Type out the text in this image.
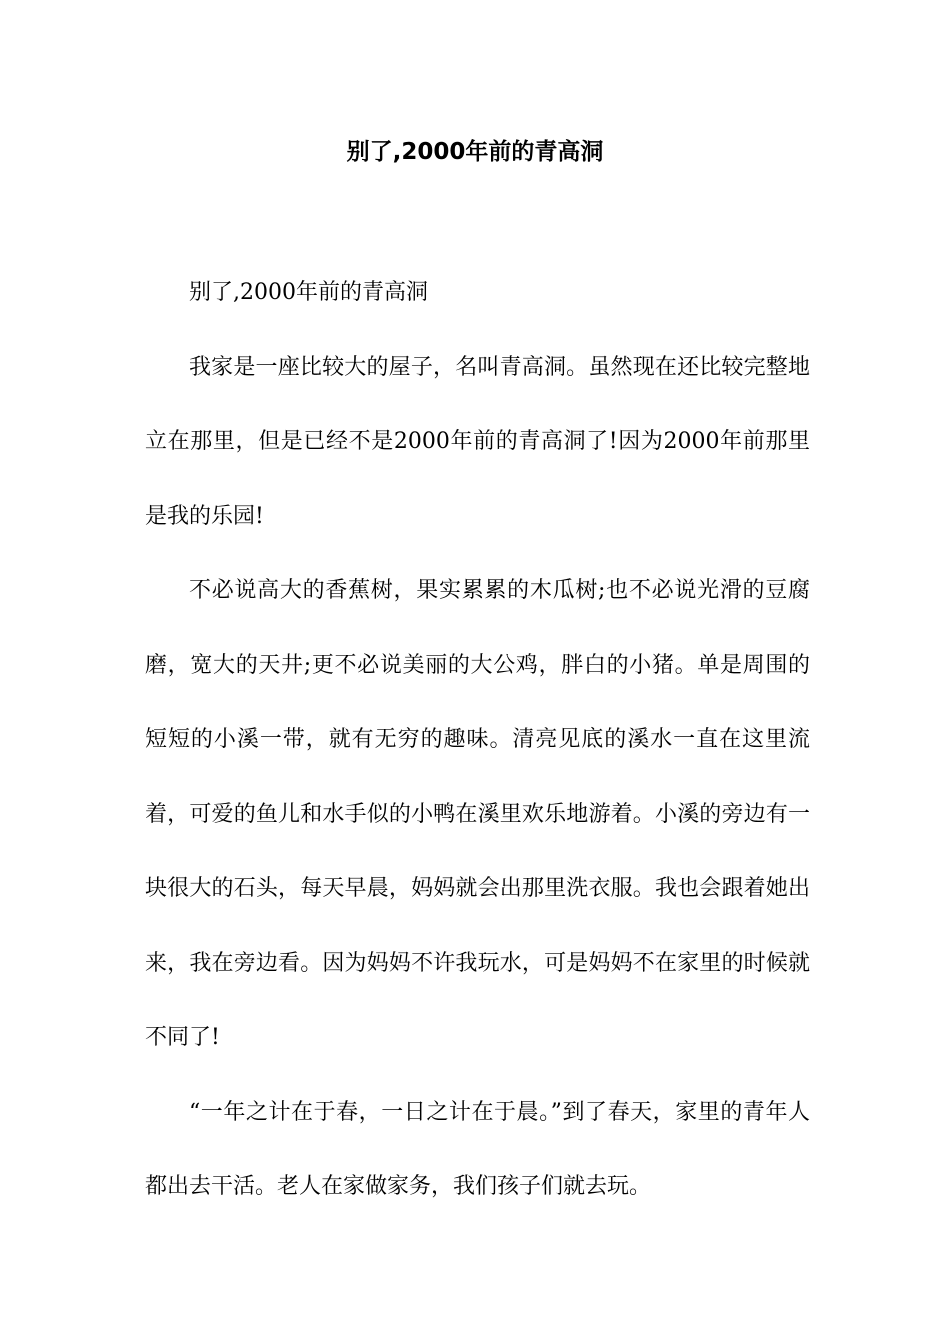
别了,2000年前的青高洞

别了,2000年前的青高洞

我家是一座比较大的屋子，名叫青高洞。虽然现在还比较完整地立在那里，但是已经不是2000年前的青高洞了!因为2000年前那里是我的乐园!

不必说高大的香蕉树，果实累累的木瓜树;也不必说光滑的豆腐磨，宽大的天井;更不必说美丽的大公鸡，胖白的小猪。单是周围的短短的小溪一带，就有无穷的趣味。清亮见底的溪水一直在这里流着，可爱的鱼儿和水手似的小鸭在溪里欢乐地游着。小溪的旁边有一块很大的石头，每天早晨，妈妈就会出那里洗衣服。我也会跟着她出来，我在旁边看。因为妈妈不许我玩水，可是妈妈不在家里的时候就不同了!

“一年之计在于春，一日之计在于晨。”到了春天，家里的青年人都出去干活。老人在家做家务，我们孩子们就去玩。
